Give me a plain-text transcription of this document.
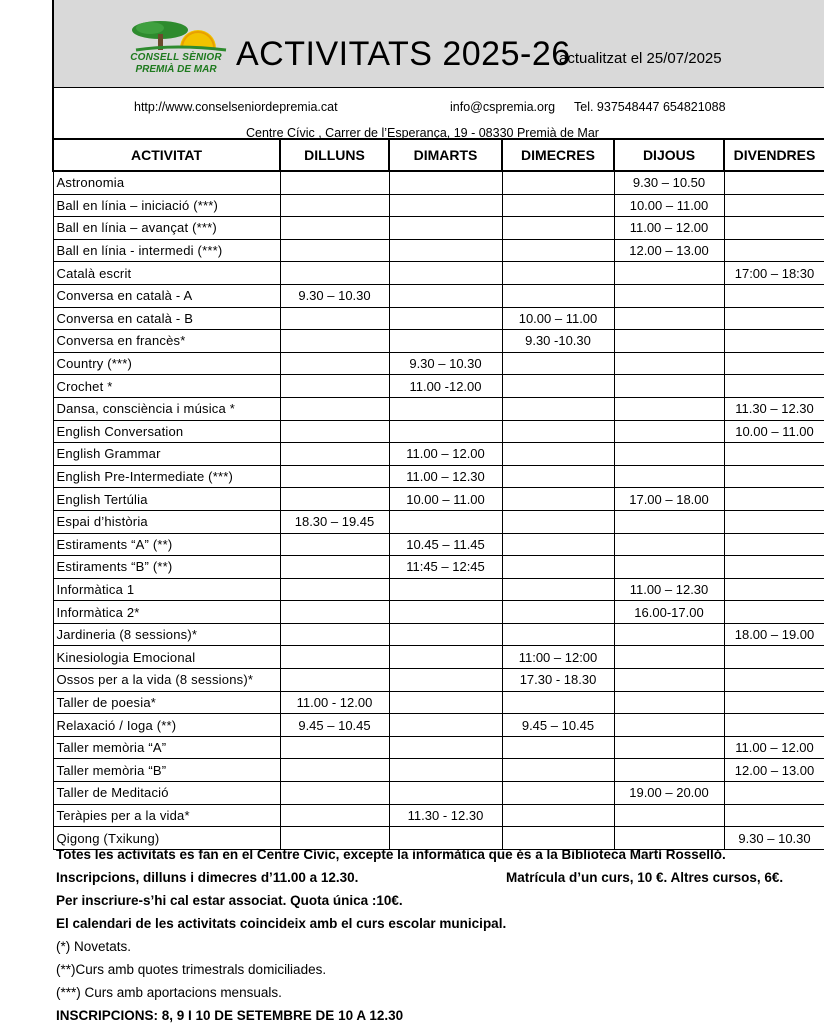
CONSELL SÈNIOR
PREMIÀ DE MAR ACTIVITATS 2025-26
actualitzat el 25/07/2025
http://www.conselseniordepremia.cat	info@cspremia.org Tel. 937548447 654821088
Centre Cívic , Carrer de l’Esperança, 19 - 08330 Premià de Mar
ACTIVITAT	DILLUNS	DIMARTS	DIMECRES	DIJOUS	DIVENDRES
Astronomia				9.30 – 10.50	
Ball en línia – iniciació (***)				10.00 – 11.00	
Ball en línia – avançat (***)				11.00 – 12.00	
Ball en línia - intermedi (***)				12.00 – 13.00	
Català escrit					17:00 – 18:30
Conversa en català - A	9.30 – 10.30				
Conversa en català - B			10.00 – 11.00		
Conversa en francès*			9.30 -10.30		
Country (***)		9.30 – 10.30			
Crochet *		11.00 -12.00			
Dansa, consciència i música *					11.30 – 12.30
English Conversation					10.00 – 11.00
English Grammar		11.00 – 12.00			
English Pre-Intermediate (***)		11.00 – 12.30			
English Tertúlia		10.00 – 11.00		17.00 – 18.00	
Espai d’història	18.30 – 19.45				
Estiraments “A” (**)		10.45 – 11.45			
Estiraments “B” (**)		11:45 – 12:45			
Informàtica 1				11.00 – 12.30	
Informàtica 2*				16.00-17.00	
Jardineria (8 sessions)*					18.00 – 19.00
Kinesiologia Emocional			11:00 – 12:00		
Ossos per a la vida (8 sessions)*			17.30 - 18.30		
Taller de poesia*	11.00 - 12.00				
Relaxació / Ioga (**)	9.45 – 10.45		9.45 – 10.45		
Taller memòria “A”					11.00 – 12.00
Taller memòria “B”					12.00 – 13.00
Taller de Meditació				19.00 – 20.00	
Teràpies per a la vida*		11.30 - 12.30			
Qigong (Txikung)					9.30 – 10.30
Totes les activitats es fan en el Centre Cívic, excepte la informàtica que és a la Biblioteca Martí Rosselló.
Inscripcions, dilluns i dimecres d’11.00 a 12.30.	Matrícula d’un curs, 10 €. Altres cursos, 6€.
Per inscriure-s’hi cal estar associat. Quota única :10€.
El calendari de les activitats coincideix amb el curs escolar municipal.
(*) Novetats.
(**)Curs amb quotes trimestrals domiciliades.
(***) Curs amb aportacions mensuals.
INSCRIPCIONS: 8, 9 I 10 DE SETEMBRE DE 10 A 12.30
